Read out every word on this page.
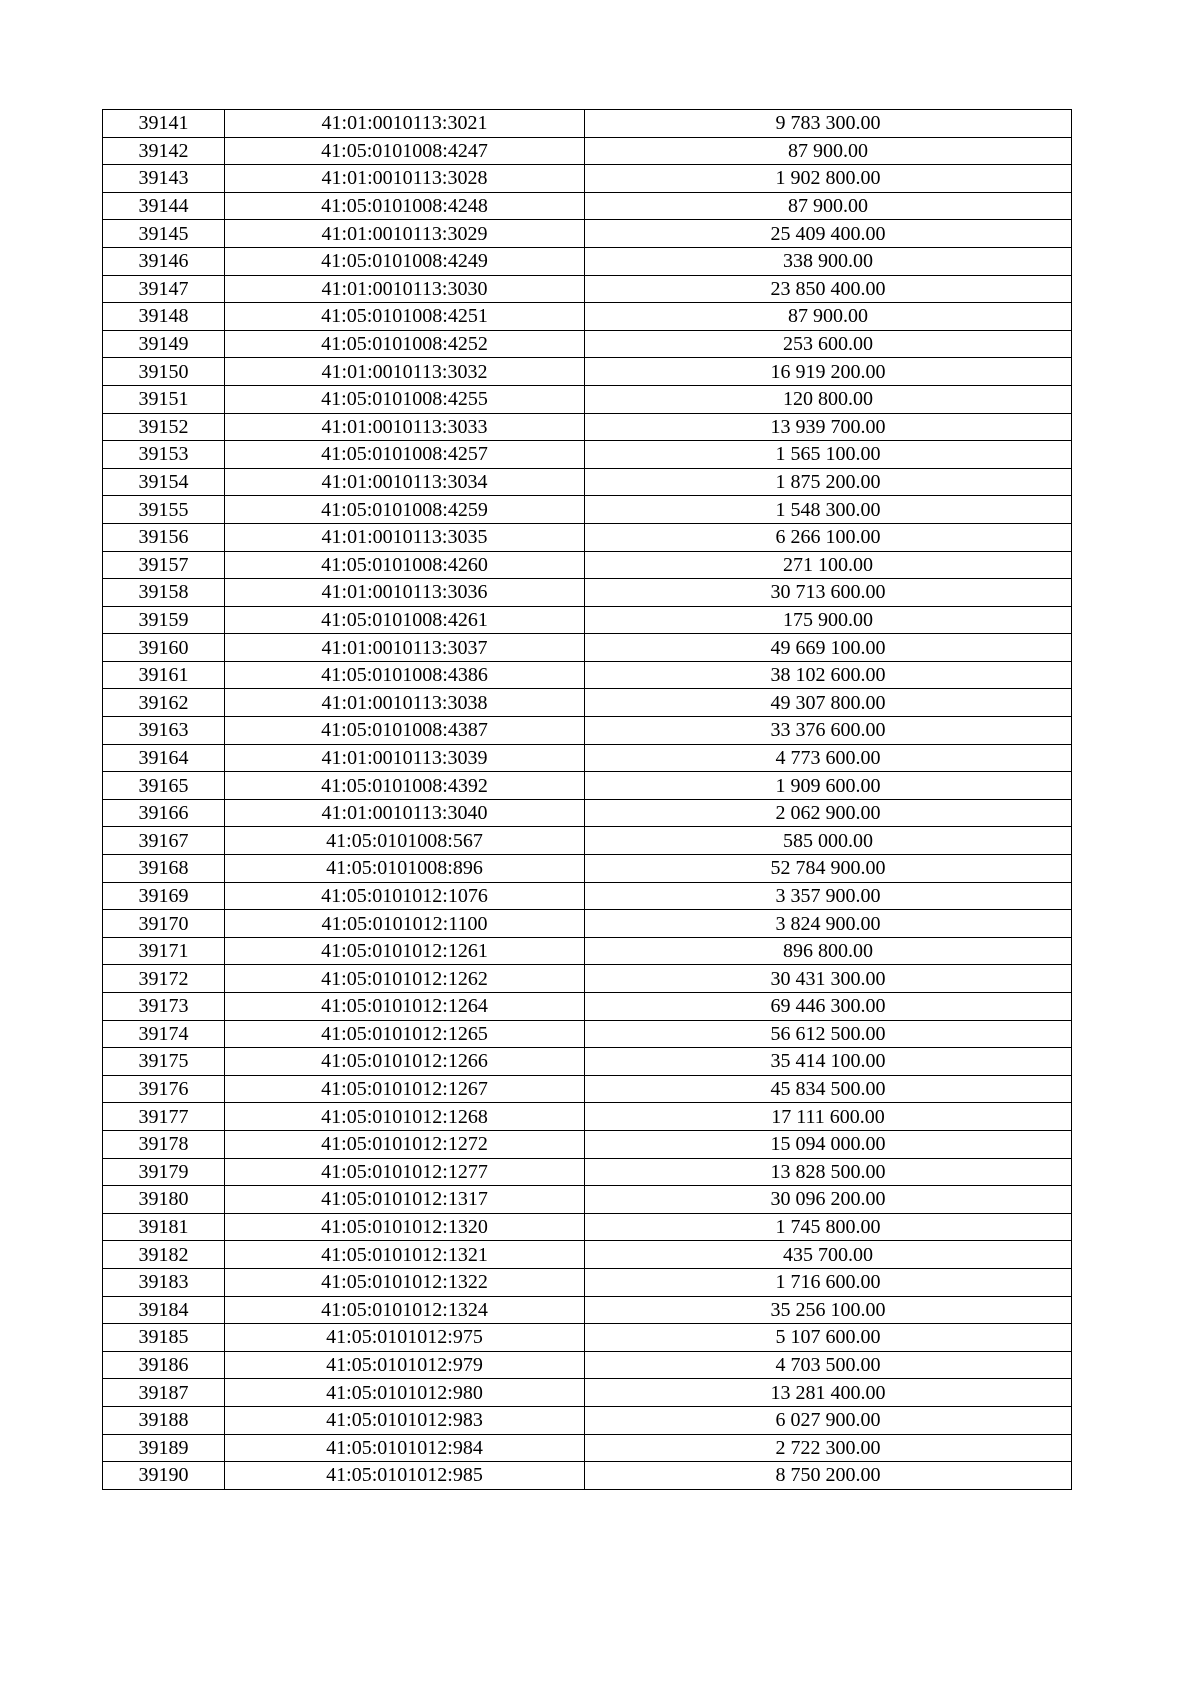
39141	41:01:0010113:3021	9 783 300.00
39142	41:05:0101008:4247	87 900.00
39143	41:01:0010113:3028	1 902 800.00
39144	41:05:0101008:4248	87 900.00
39145	41:01:0010113:3029	25 409 400.00
39146	41:05:0101008:4249	338 900.00
39147	41:01:0010113:3030	23 850 400.00
39148	41:05:0101008:4251	87 900.00
39149	41:05:0101008:4252	253 600.00
39150	41:01:0010113:3032	16 919 200.00
39151	41:05:0101008:4255	120 800.00
39152	41:01:0010113:3033	13 939 700.00
39153	41:05:0101008:4257	1 565 100.00
39154	41:01:0010113:3034	1 875 200.00
39155	41:05:0101008:4259	1 548 300.00
39156	41:01:0010113:3035	6 266 100.00
39157	41:05:0101008:4260	271 100.00
39158	41:01:0010113:3036	30 713 600.00
39159	41:05:0101008:4261	175 900.00
39160	41:01:0010113:3037	49 669 100.00
39161	41:05:0101008:4386	38 102 600.00
39162	41:01:0010113:3038	49 307 800.00
39163	41:05:0101008:4387	33 376 600.00
39164	41:01:0010113:3039	4 773 600.00
39165	41:05:0101008:4392	1 909 600.00
39166	41:01:0010113:3040	2 062 900.00
39167	41:05:0101008:567	585 000.00
39168	41:05:0101008:896	52 784 900.00
39169	41:05:0101012:1076	3 357 900.00
39170	41:05:0101012:1100	3 824 900.00
39171	41:05:0101012:1261	896 800.00
39172	41:05:0101012:1262	30 431 300.00
39173	41:05:0101012:1264	69 446 300.00
39174	41:05:0101012:1265	56 612 500.00
39175	41:05:0101012:1266	35 414 100.00
39176	41:05:0101012:1267	45 834 500.00
39177	41:05:0101012:1268	17 111 600.00
39178	41:05:0101012:1272	15 094 000.00
39179	41:05:0101012:1277	13 828 500.00
39180	41:05:0101012:1317	30 096 200.00
39181	41:05:0101012:1320	1 745 800.00
39182	41:05:0101012:1321	435 700.00
39183	41:05:0101012:1322	1 716 600.00
39184	41:05:0101012:1324	35 256 100.00
39185	41:05:0101012:975	5 107 600.00
39186	41:05:0101012:979	4 703 500.00
39187	41:05:0101012:980	13 281 400.00
39188	41:05:0101012:983	6 027 900.00
39189	41:05:0101012:984	2 722 300.00
39190	41:05:0101012:985	8 750 200.00
